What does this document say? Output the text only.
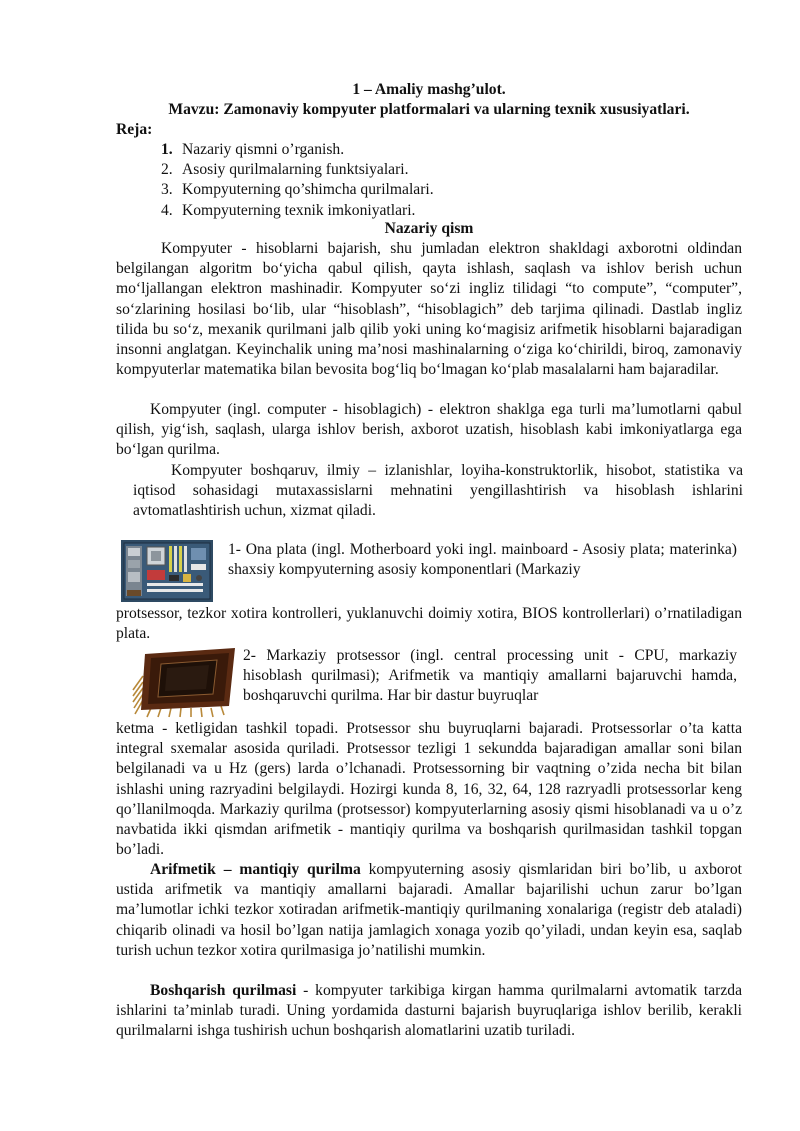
1 – Amaliy mashg’ulot.
Mavzu: Zamonaviy kompyuter platformalari va ularning texnik xususiyatlari.
Reja:
1. Nazariy qismni o’rganish.
2. Asosiy qurilmalarning funktsiyalari.
3. Kompyuterning qo’shimcha qurilmalari.
4. Kompyuterning texnik imkoniyatlari.
Nazariy qism

Kompyuter - hisoblarni bajarish, shu jumladan elektron shakldagi axborotni oldindan belgilangan algoritm bo‘yicha qabul qilish, qayta ishlash, saqlash va ishlov berish uchun mo‘ljallangan elektron mashinadir. Kompyuter so‘zi ingliz tilidagi “to compute”, “computer”, so‘zlarining hosilasi bo‘lib, ular “hisoblash”, “hisoblagich” deb tarjima qilinadi. Dastlab ingliz tilida bu so‘z, mexanik qurilmani jalb qilib yoki uning ko‘magisiz arifmetik hisoblarni bajaradigan insonni anglatgan. Keyinchalik uning ma’nosi mashinalarning o‘ziga ko‘chirildi, biroq, zamonaviy kompyuterlar matematika bilan bevosita bog‘liq bo‘lmagan ko‘plab masalalarni ham bajaradilar.

Kompyuter (ingl. computer - hisoblagich) - elektron shaklga ega turli ma’lumotlarni qabul qilish, yig‘ish, saqlash, ularga ishlov berish, axborot uzatish, hisoblash kabi imkoniyatlarga ega bo‘lgan qurilma.

Kompyuter boshqaruv, ilmiy – izlanishlar, loyiha-konstruktorlik, hisobot, statistika va iqtisod sohasidagi mutaxassislarni mehnatini yengillashtirish va hisoblash ishlarini avtomatlashtirish uchun, xizmat qiladi.

1- Ona plata (ingl. Motherboard yoki ingl. mainboard - Asosiy plata; materinka) shaxsiy kompyuterning asosiy komponentlari (Markaziy

protsessor, tezkor xotira kontrolleri, yuklanuvchi doimiy xotira, BIOS kontrollerlari) o’rnatiladigan plata.

2- Markaziy protsessor (ingl. central processing unit - CPU, markaziy hisoblash qurilmasi); Arifmetik va mantiqiy amallarni bajaruvchi hamda, boshqaruvchi qurilma. Har bir dastur buyruqlar

ketma - ketligidan tashkil topadi. Protsessor shu buyruqlarni bajaradi. Protsessorlar o’ta katta integral sxemalar asosida quriladi. Protsessor tezligi 1 sekundda bajaradigan amallar soni bilan belgilanadi va u Hz (gers) larda o’lchanadi. Protsessorning bir vaqtning o’zida necha bit bilan ishlashi uning razryadini belgilaydi. Hozirgi kunda 8, 16, 32, 64, 128 razryadli protsessorlar keng qo’llanilmoqda. Markaziy qurilma (protsessor) kompyuterlarning asosiy qismi hisoblanadi va u o’z navbatida ikki qismdan arifmetik - mantiqiy qurilma va boshqarish qurilmasidan tashkil topgan bo’ladi.

Arifmetik – mantiqiy qurilma kompyuterning asosiy qismlaridan biri bo’lib, u axborot ustida arifmetik va mantiqiy amallarni bajaradi. Amallar bajarilishi uchun zarur bo’lgan ma’lumotlar ichki tezkor xotiradan arifmetik-mantiqiy qurilmaning xonalariga (registr deb ataladi) chiqarib olinadi va hosil bo’lgan natija jamlagich xonaga yozib qo’yiladi, undan keyin esa, saqlab turish uchun tezkor xotira qurilmasiga jo’natilishi mumkin.

Boshqarish qurilmasi - kompyuter tarkibiga kirgan hamma qurilmalarni avtomatik tarzda ishlarini ta’minlab turadi. Uning yordamida dasturni bajarish buyruqlariga ishlov berilib, kerakli qurilmalarni ishga tushirish uchun boshqarish alomatlarini uzatib turiladi.
